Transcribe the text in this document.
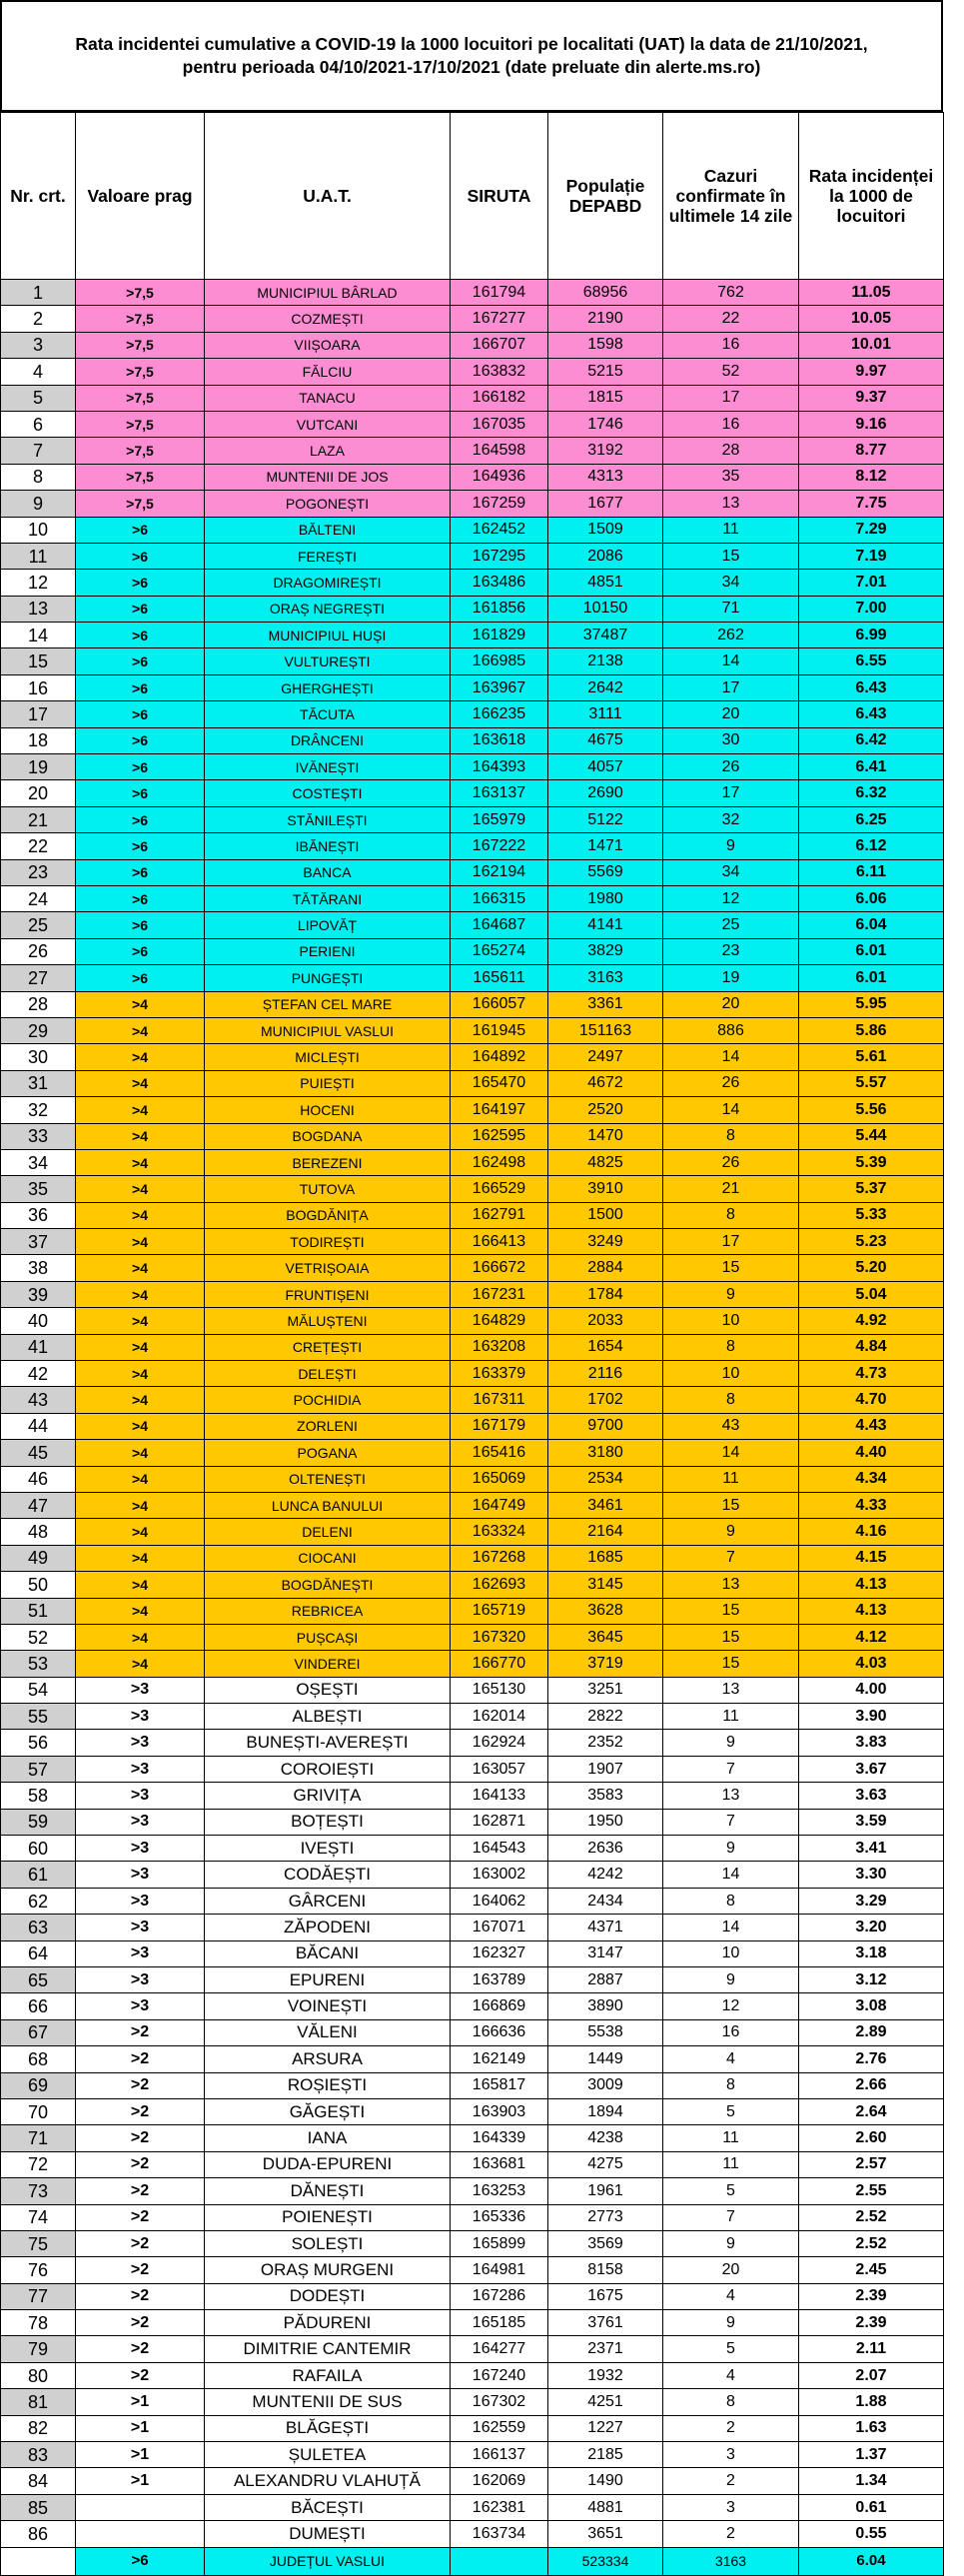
Rata incidentei cumulative a COVID-19 la 1000 locuitori pe localitati (UAT) la data de 21/10/2021,
pentru perioada 04/10/2021-17/10/2021 (date preluate din alerte.ms.ro)
Nr. crt.	Valoare prag	U.A.T.	SIRUTA	Populație DEPABD	Cazuri confirmate în ultimele 14 zile	Rata incidenței la 1000 de locuitori
1	>7,5	MUNICIPIUL BÂRLAD	161794	68956	762	11.05
2	>7,5	COZMEȘTI	167277	2190	22	10.05
3	>7,5	VIIȘOARA	166707	1598	16	10.01
4	>7,5	FĂLCIU	163832	5215	52	9.97
5	>7,5	TANACU	166182	1815	17	9.37
6	>7,5	VUTCANI	167035	1746	16	9.16
7	>7,5	LAZA	164598	3192	28	8.77
8	>7,5	MUNTENII DE JOS	164936	4313	35	8.12
9	>7,5	POGONEȘTI	167259	1677	13	7.75
10	>6	BĂLTENI	162452	1509	11	7.29
11	>6	FEREȘTI	167295	2086	15	7.19
12	>6	DRAGOMIREȘTI	163486	4851	34	7.01
13	>6	ORAȘ NEGREȘTI	161856	10150	71	7.00
14	>6	MUNICIPIUL HUȘI	161829	37487	262	6.99
15	>6	VULTUREȘTI	166985	2138	14	6.55
16	>6	GHERGHEȘTI	163967	2642	17	6.43
17	>6	TĂCUTA	166235	3111	20	6.43
18	>6	DRÂNCENI	163618	4675	30	6.42
19	>6	IVĂNEȘTI	164393	4057	26	6.41
20	>6	COSTEȘTI	163137	2690	17	6.32
21	>6	STĂNILEȘTI	165979	5122	32	6.25
22	>6	IBĂNEȘTI	167222	1471	9	6.12
23	>6	BANCA	162194	5569	34	6.11
24	>6	TĂTĂRANI	166315	1980	12	6.06
25	>6	LIPOVĂȚ	164687	4141	25	6.04
26	>6	PERIENI	165274	3829	23	6.01
27	>6	PUNGEȘTI	165611	3163	19	6.01
28	>4	ȘTEFAN CEL MARE	166057	3361	20	5.95
29	>4	MUNICIPIUL VASLUI	161945	151163	886	5.86
30	>4	MICLEȘTI	164892	2497	14	5.61
31	>4	PUIEȘTI	165470	4672	26	5.57
32	>4	HOCENI	164197	2520	14	5.56
33	>4	BOGDANA	162595	1470	8	5.44
34	>4	BEREZENI	162498	4825	26	5.39
35	>4	TUTOVA	166529	3910	21	5.37
36	>4	BOGDĂNIȚA	162791	1500	8	5.33
37	>4	TODIREȘTI	166413	3249	17	5.23
38	>4	VETRIȘOAIA	166672	2884	15	5.20
39	>4	FRUNTIȘENI	167231	1784	9	5.04
40	>4	MĂLUȘTENI	164829	2033	10	4.92
41	>4	CREȚEȘTI	163208	1654	8	4.84
42	>4	DELEȘTI	163379	2116	10	4.73
43	>4	POCHIDIA	167311	1702	8	4.70
44	>4	ZORLENI	167179	9700	43	4.43
45	>4	POGANA	165416	3180	14	4.40
46	>4	OLTENEȘTI	165069	2534	11	4.34
47	>4	LUNCA BANULUI	164749	3461	15	4.33
48	>4	DELENI	163324	2164	9	4.16
49	>4	CIOCANI	167268	1685	7	4.15
50	>4	BOGDĂNEȘTI	162693	3145	13	4.13
51	>4	REBRICEA	165719	3628	15	4.13
52	>4	PUȘCAȘI	167320	3645	15	4.12
53	>4	VINDEREI	166770	3719	15	4.03
54	>3	OȘEȘTI	165130	3251	13	4.00
55	>3	ALBEȘTI	162014	2822	11	3.90
56	>3	BUNEȘTI-AVEREȘTI	162924	2352	9	3.83
57	>3	COROIEȘTI	163057	1907	7	3.67
58	>3	GRIVIȚA	164133	3583	13	3.63
59	>3	BOȚEȘTI	162871	1950	7	3.59
60	>3	IVEȘTI	164543	2636	9	3.41
61	>3	CODĂEȘTI	163002	4242	14	3.30
62	>3	GÂRCENI	164062	2434	8	3.29
63	>3	ZĂPODENI	167071	4371	14	3.20
64	>3	BĂCANI	162327	3147	10	3.18
65	>3	EPURENI	163789	2887	9	3.12
66	>3	VOINEȘTI	166869	3890	12	3.08
67	>2	VĂLENI	166636	5538	16	2.89
68	>2	ARSURA	162149	1449	4	2.76
69	>2	ROȘIEȘTI	165817	3009	8	2.66
70	>2	GĂGEȘTI	163903	1894	5	2.64
71	>2	IANA	164339	4238	11	2.60
72	>2	DUDA-EPURENI	163681	4275	11	2.57
73	>2	DĂNEȘTI	163253	1961	5	2.55
74	>2	POIENEȘTI	165336	2773	7	2.52
75	>2	SOLEȘTI	165899	3569	9	2.52
76	>2	ORAȘ MURGENI	164981	8158	20	2.45
77	>2	DODEȘTI	167286	1675	4	2.39
78	>2	PĂDURENI	165185	3761	9	2.39
79	>2	DIMITRIE CANTEMIR	164277	2371	5	2.11
80	>2	RAFAILA	167240	1932	4	2.07
81	>1	MUNTENII DE SUS	167302	4251	8	1.88
82	>1	BLĂGEȘTI	162559	1227	2	1.63
83	>1	ȘULETEA	166137	2185	3	1.37
84	>1	ALEXANDRU VLAHUȚĂ	162069	1490	2	1.34
85		BĂCEȘTI	162381	4881	3	0.61
86		DUMEȘTI	163734	3651	2	0.55
	>6	JUDEȚUL VASLUI		523334	3163	6.04
